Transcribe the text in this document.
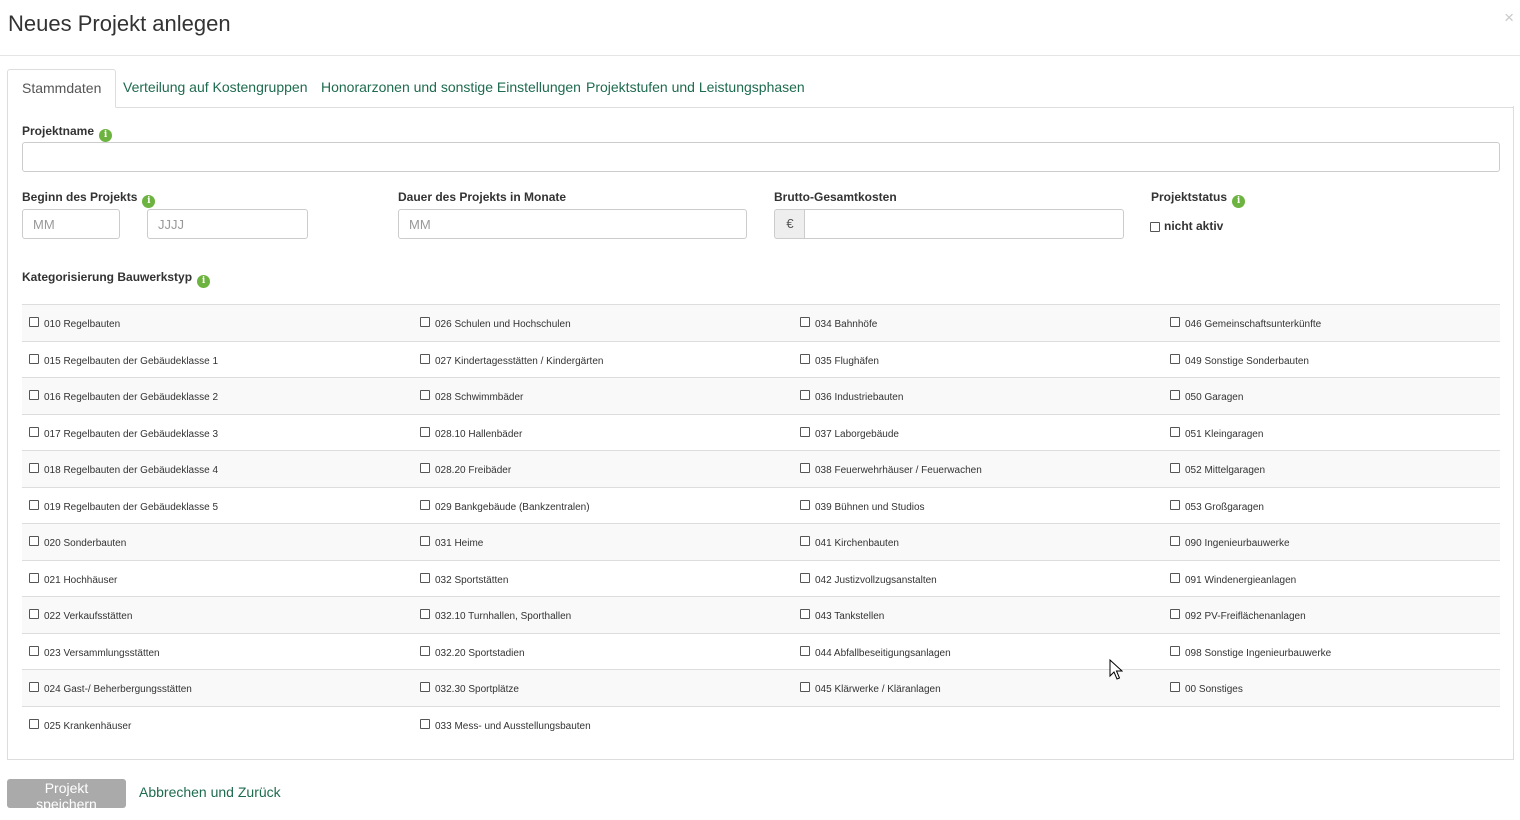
Neues Projekt anlegen	×
Stammdaten	Verteilung auf Kostengruppen Honorarzonen und sonstige Einstellungen Projektstufen und Leistungsphasen
Projektname i
Beginn des Projekts i
MM
JJJJ	Dauer des Projekts in Monate
MM	Brutto-Gesamtkosten
€
Projektstatus i
nicht aktiv
Kategorisierung Bauwerkstyp i
010 Regelbauten	026 Schulen und Hochschulen	034 Bahnhöfe	046 Gemeinschaftsunterkünfte
015 Regelbauten der Gebäudeklasse 1	027 Kindertagesstätten / Kindergärten	035 Flughäfen	049 Sonstige Sonderbauten
016 Regelbauten der Gebäudeklasse 2	028 Schwimmbäder	036 Industriebauten	050 Garagen
017 Regelbauten der Gebäudeklasse 3	028.10 Hallenbäder	037 Laborgebäude	051 Kleingaragen
018 Regelbauten der Gebäudeklasse 4	028.20 Freibäder	038 Feuerwehrhäuser / Feuerwachen	052 Mittelgaragen
019 Regelbauten der Gebäudeklasse 5	029 Bankgebäude (Bankzentralen)	039 Bühnen und Studios	053 Großgaragen
020 Sonderbauten	031 Heime	041 Kirchenbauten	090 Ingenieurbauwerke
021 Hochhäuser	032 Sportstätten	042 Justizvollzugsanstalten	091 Windenergieanlagen
022 Verkaufsstätten	032.10 Turnhallen, Sporthallen	043 Tankstellen	092 PV-Freiflächenanlagen
023 Versammlungsstätten	032.20 Sportstadien	044 Abfallbeseitigungsanlagen	098 Sonstige Ingenieurbauwerke
024 Gast-/ Beherbergungsstätten	032.30 Sportplätze	045 Klärwerke / Kläranlagen	00 Sonstiges
025 Krankenhäuser	033 Mess- und Ausstellungsbauten
Projekt speichern
Abbrechen und Zurück
